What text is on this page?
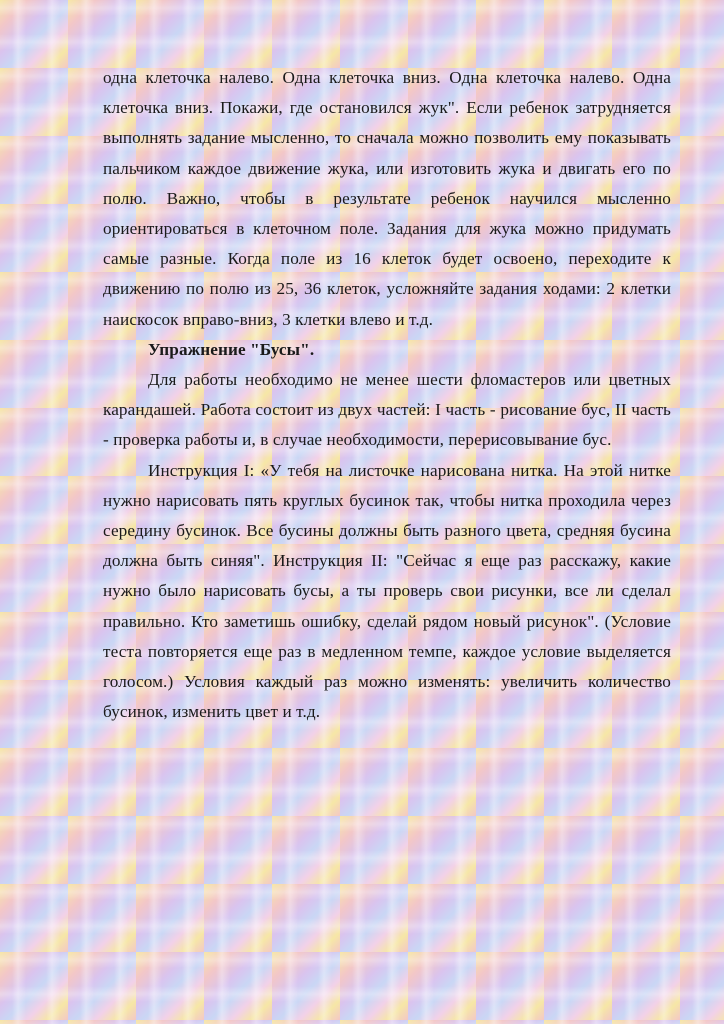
одна клеточка налево. Одна клеточка вниз. Одна клеточка налево. Одна клеточка вниз. Покажи, где остановился жук". Если ребенок затрудняется выполнять задание мысленно, то сначала можно позволить ему показывать пальчиком каждое движение жука, или изготовить жука и двигать его по полю. Важно, чтобы в результате ребенок научился мысленно ориентироваться в клеточном поле. Задания для жука можно придумать самые разные. Когда поле из 16 клеток будет освоено, переходите к движению по полю из 25, 36 клеток, усложняйте задания ходами: 2 клетки наискосок вправо-вниз, 3 клетки влево и т.д.

Упражнение "Бусы".

Для работы необходимо не менее шести фломастеров или цветных карандашей. Работа состоит из двух частей: I часть - рисование бус, II часть - проверка работы и, в случае необходимости, перерисовывание бус.

Инструкция I: «У тебя на листочке нарисована нитка. На этой нитке нужно нарисовать пять круглых бусинок так, чтобы нитка проходила через середину бусинок. Все бусины должны быть разного цвета, средняя бусина должна быть синяя". Инструкция II: "Сейчас я еще раз расскажу, какие нужно было нарисовать бусы, а ты проверь свои рисунки, все ли сделал правильно. Кто заметишь ошибку, сделай рядом новый рисунок". (Условие теста повторяется еще раз в медленном темпе, каждое условие выделяется голосом.) Условия каждый раз можно изменять: увеличить количество бусинок, изменить цвет и т.д.
